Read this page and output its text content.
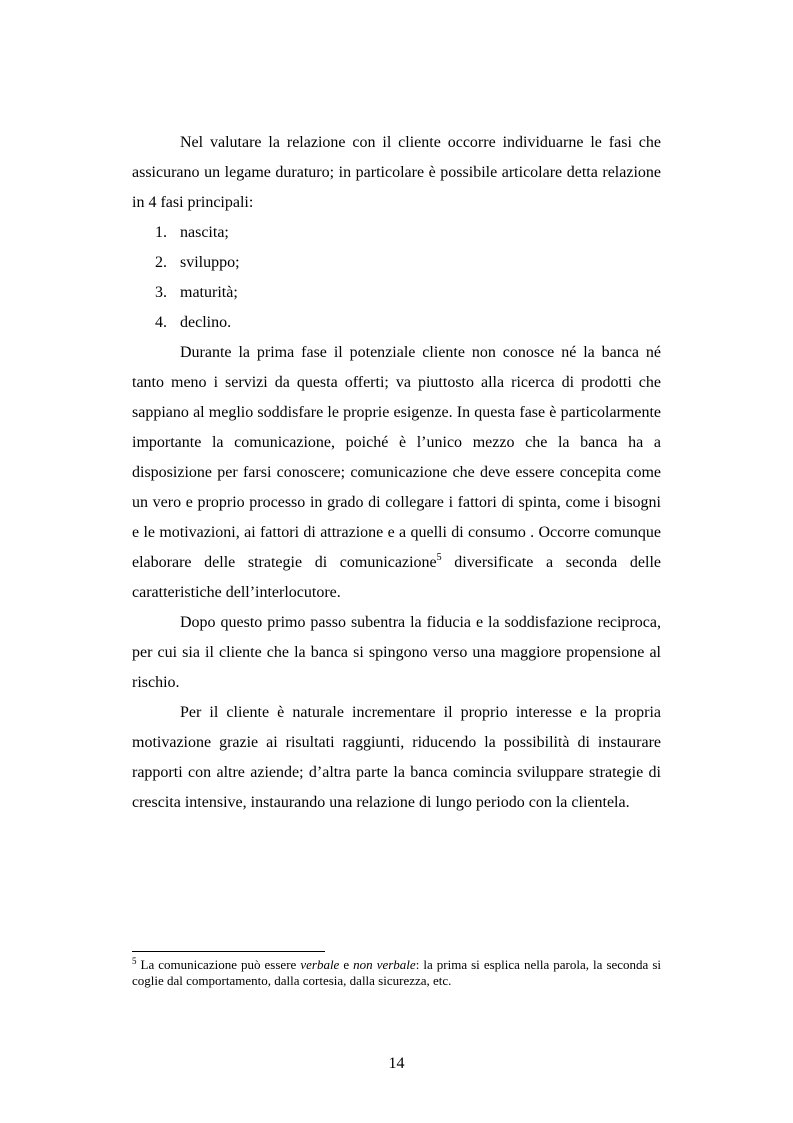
Nel valutare la relazione con il cliente occorre individuarne le fasi che assicurano un legame duraturo; in particolare è possibile articolare detta relazione in 4 fasi principali:

1. nascita;
2. sviluppo;
3. maturità;
4. declino.

Durante la prima fase il potenziale cliente non conosce né la banca né tanto meno i servizi da questa offerti; va piuttosto alla ricerca di prodotti che sappiano al meglio soddisfare le proprie esigenze. In questa fase è particolarmente importante la comunicazione, poiché è l’unico mezzo che la banca ha a disposizione per farsi conoscere; comunicazione che deve essere concepita come un vero e proprio processo in grado di collegare i fattori di spinta, come i bisogni e le motivazioni, ai fattori di attrazione e a quelli di consumo . Occorre comunque elaborare delle strategie di comunicazione$^5$ diversificate a seconda delle caratteristiche dell’interlocutore.

Dopo questo primo passo subentra la fiducia e la soddisfazione reciproca, per cui sia il cliente che la banca si spingono verso una maggiore propensione al rischio.

Per il cliente è naturale incrementare il proprio interesse e la propria motivazione grazie ai risultati raggiunti, riducendo la possibilità di instaurare rapporti con altre aziende; d’altra parte la banca comincia sviluppare strategie di crescita intensive, instaurando una relazione di lungo periodo con la clientela.

$^5$ La comunicazione può essere verbale e non verbale: la prima si esplica nella parola, la seconda si coglie dal comportamento, dalla cortesia, dalla sicurezza, etc.

14
